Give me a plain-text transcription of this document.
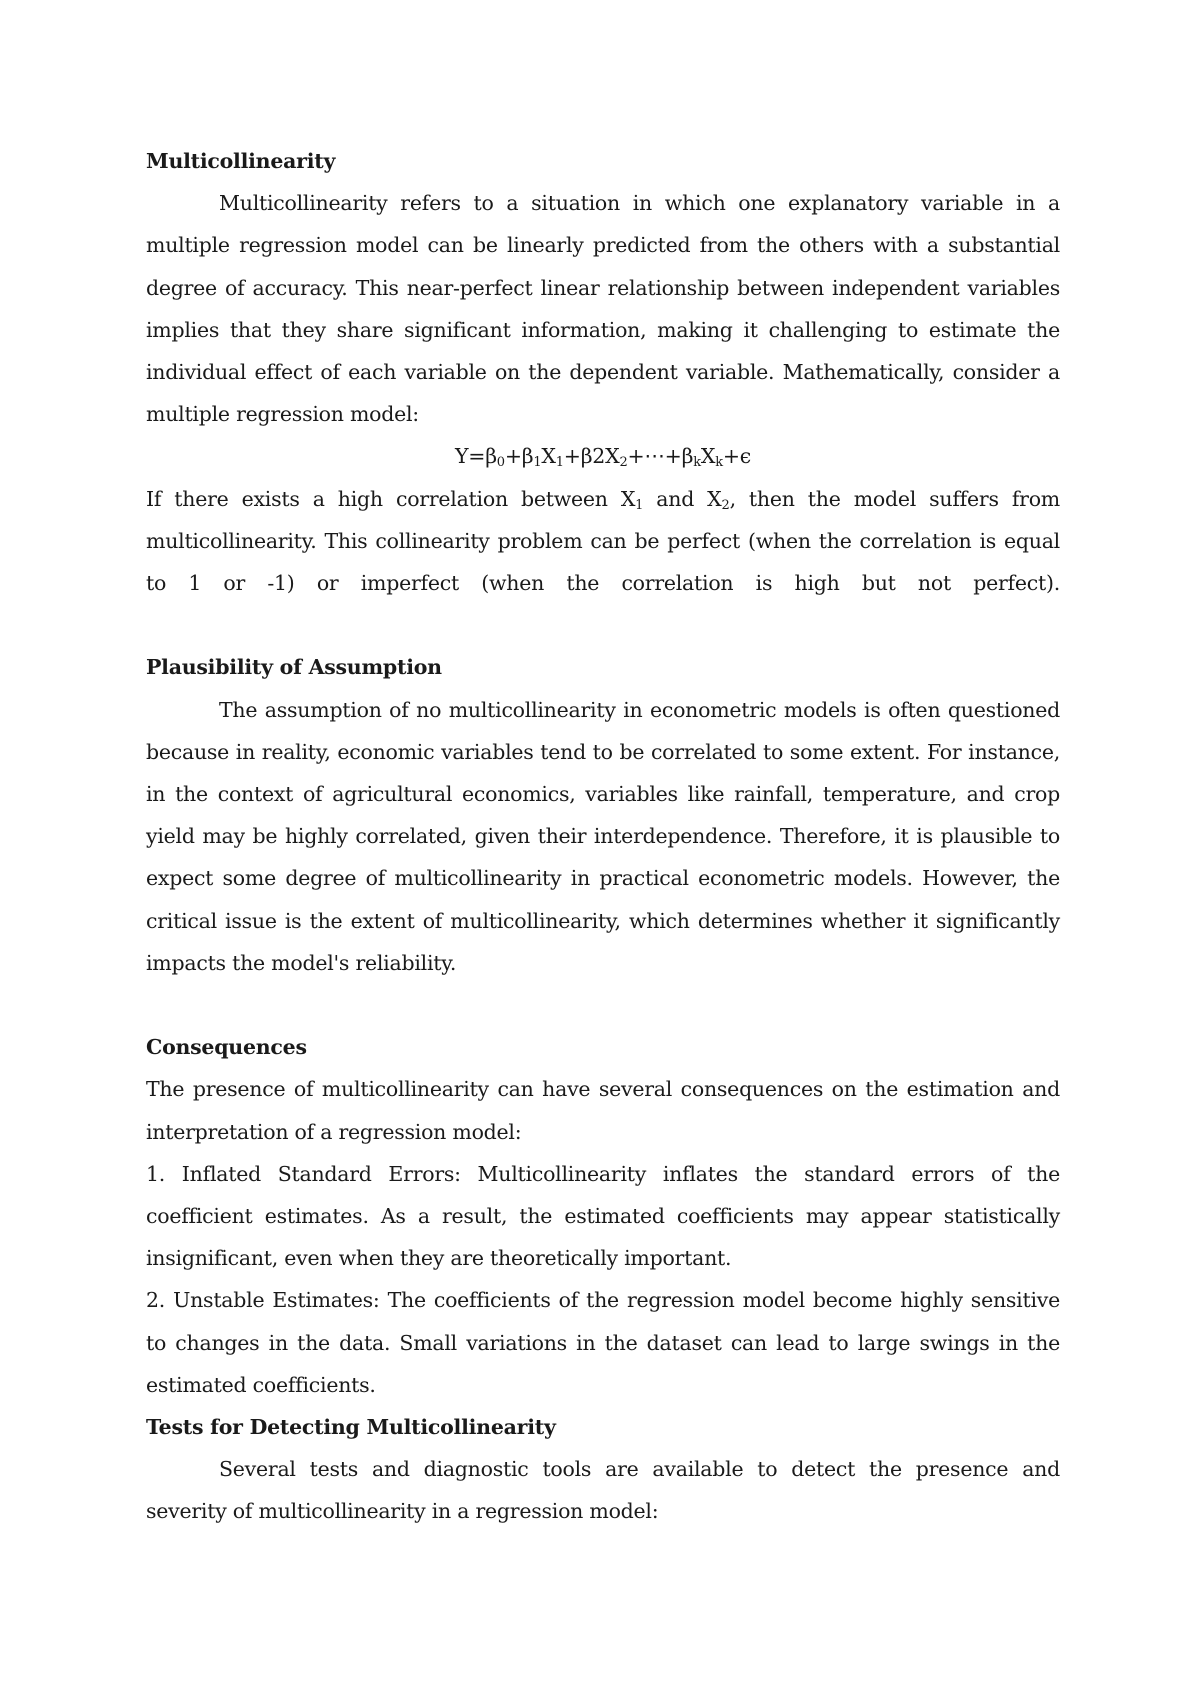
Multicollinearity

Multicollinearity refers to a situation in which one explanatory variable in a multiple regression model can be linearly predicted from the others with a substantial degree of accuracy. This near-perfect linear relationship between independent variables implies that they share significant information, making it challenging to estimate the individual effect of each variable on the dependent variable. Mathematically, consider a multiple regression model:

$Y=\beta_0+\beta_1X_1+\beta 2X_2+\cdots+\beta_kX_k+\epsilon$

If there exists a high correlation between $X_1$ and $X_2$, then the model suffers from multicollinearity. This collinearity problem can be perfect (when the correlation is equal to 1 or -1) or imperfect (when the correlation is high but not perfect).

Plausibility of Assumption

The assumption of no multicollinearity in econometric models is often questioned because in reality, economic variables tend to be correlated to some extent. For instance, in the context of agricultural economics, variables like rainfall, temperature, and crop yield may be highly correlated, given their interdependence. Therefore, it is plausible to expect some degree of multicollinearity in practical econometric models. However, the critical issue is the extent of multicollinearity, which determines whether it significantly impacts the model's reliability.

Consequences

The presence of multicollinearity can have several consequences on the estimation and interpretation of a regression model:

1. Inflated Standard Errors: Multicollinearity inflates the standard errors of the coefficient estimates. As a result, the estimated coefficients may appear statistically insignificant, even when they are theoretically important.

2. Unstable Estimates: The coefficients of the regression model become highly sensitive to changes in the data. Small variations in the dataset can lead to large swings in the estimated coefficients.

Tests for Detecting Multicollinearity

Several tests and diagnostic tools are available to detect the presence and severity of multicollinearity in a regression model:
